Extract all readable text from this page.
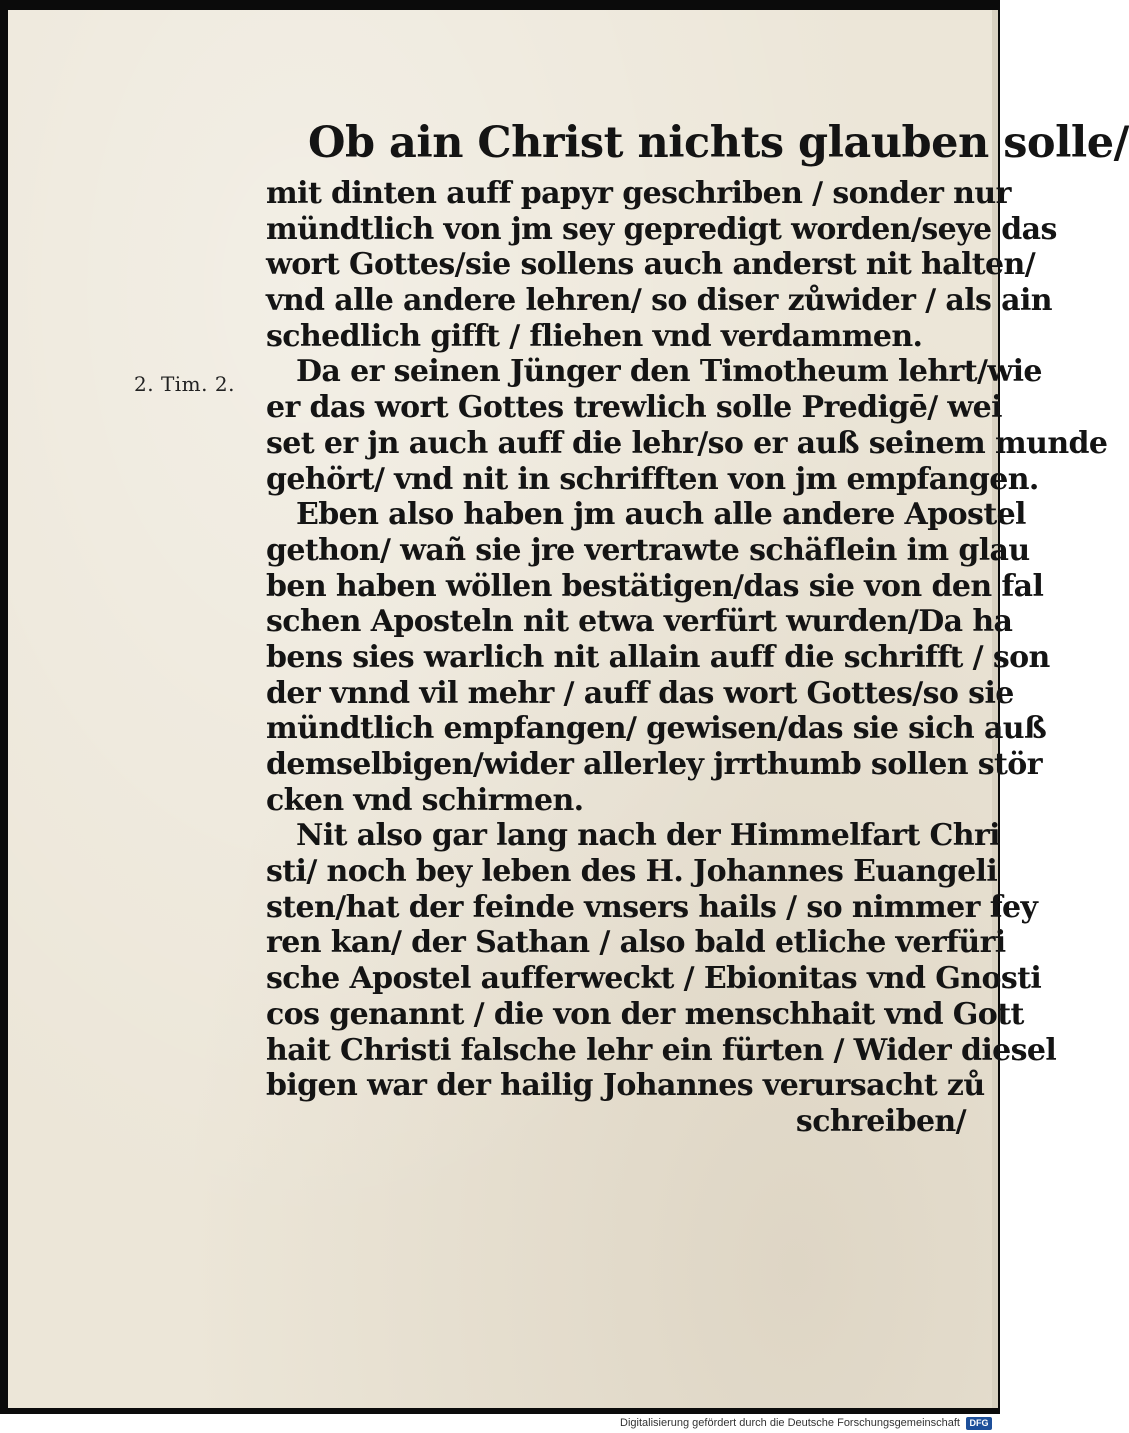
2. Tim. 2.
Ob ain Christ nichts glauben solle/
mit dinten auff papyr geschriben / sonder nur
mündtlich von jm sey gepredigt worden/seye das
wort Gottes/sie sollens auch anderst nit halten/
vnd alle andere lehren/ so diser zůwider / als ain
schedlich gifft / fliehen vnd verdammen.
Da er seinen Jünger den Timotheum lehrt/wie
er das wort Gottes trewlich solle Predigē/ wei
set er jn auch auff die lehr/so er auß seinem munde
gehört/ vnd nit in schrifften von jm empfangen.
Eben also haben jm auch alle andere Apostel
gethon/ wañ sie jre vertrawte schäflein im glau
ben haben wöllen bestätigen/das sie von den fal
schen Aposteln nit etwa verfürt wurden/Da ha
bens sies warlich nit allain auff die schrifft / son
der vnnd vil mehr / auff das wort Gottes/so sie
mündtlich empfangen/ gewisen/das sie sich auß
demselbigen/wider allerley jrrthumb sollen stör
cken vnd schirmen.
Nit also gar lang nach der Himmelfart Chri
sti/ noch bey leben des H. Johannes Euangeli
sten/hat der feinde vnsers hails / so nimmer fey
ren kan/ der Sathan / also bald etliche verfüri
sche Apostel aufferweckt / Ebionitas vnd Gnosti
cos genannt / die von der menschhait vnd Gott
hait Christi falsche lehr ein fürten / Wider diesel
bigen war der hailig Johannes verursacht zů
schreiben/
Digitalisierung gefördert durch die Deutsche Forschungsgemeinschaft	DFG
